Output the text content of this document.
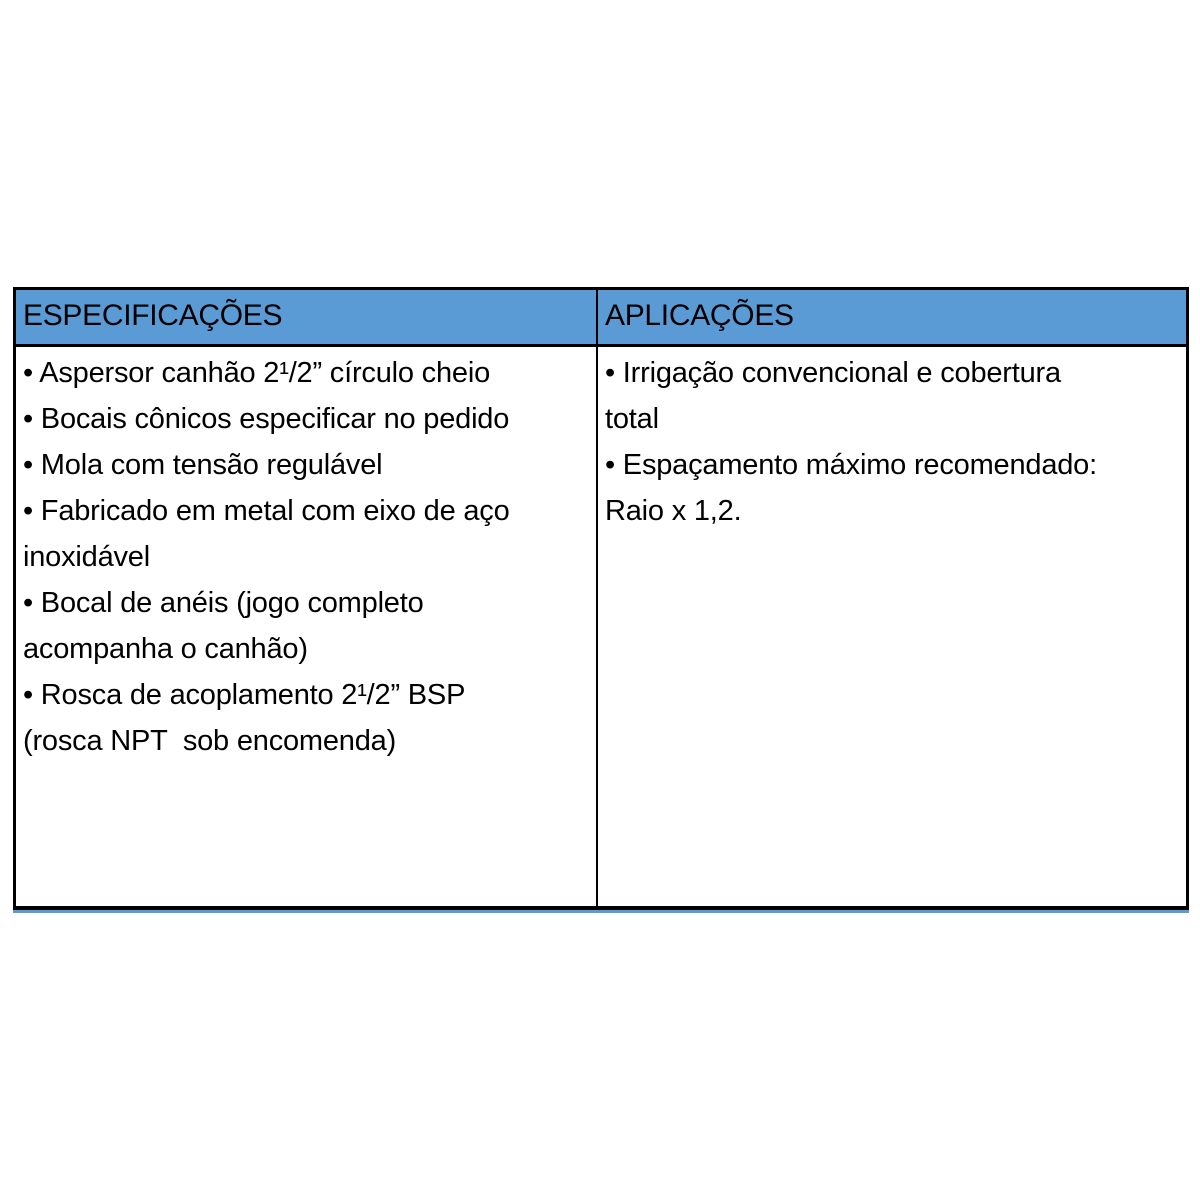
ESPECIFICAÇÕES	APLICAÇÕES
• Aspersor canhão 2¹/2” círculo cheio
• Bocais cônicos especificar no pedido
• Mola com tensão regulável
• Fabricado em metal com eixo de aço
inoxidável
• Bocal de anéis (jogo completo
acompanha o canhão)
• Rosca de acoplamento 2¹/2” BSP
(rosca NPT  sob encomenda)
• Irrigação convencional e cobertura
total
• Espaçamento máximo recomendado:
Raio x 1,2.
